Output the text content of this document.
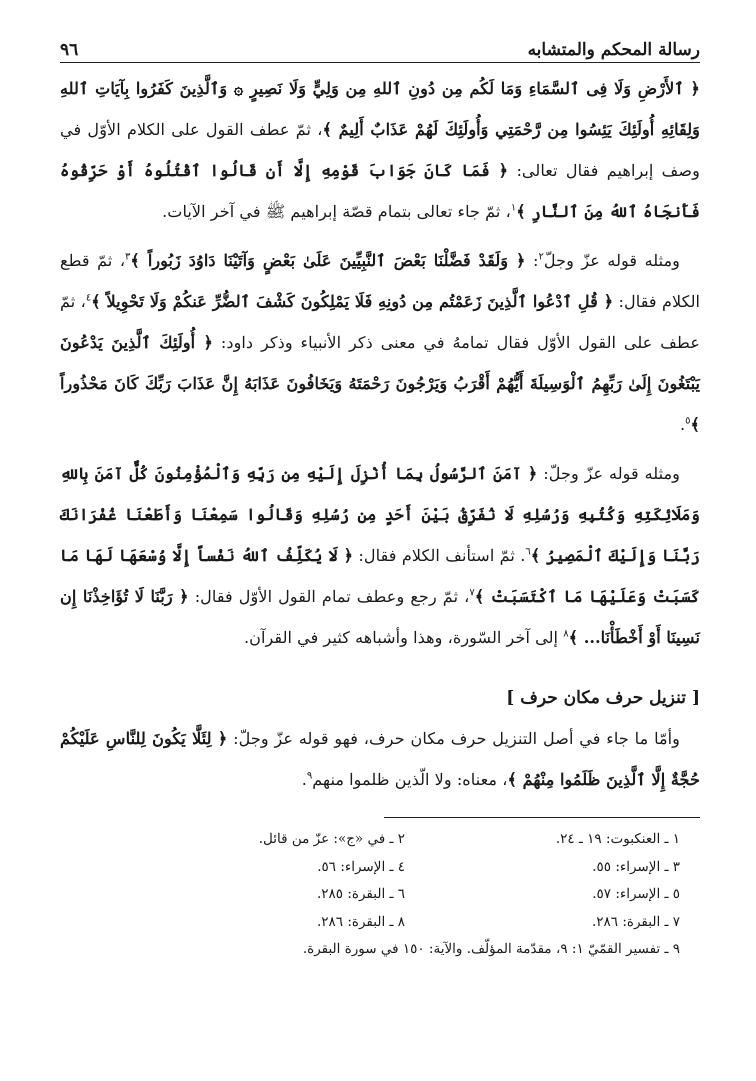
رسالة المحكم والمتشابه
٩٦

﴿ ٱلأَرْضِ وَلَا فِى ٱلسَّمَاءِ وَمَا لَكُم مِن دُونِ ٱللهِ مِن وَلِيٍّ وَلَا نَصِيرٍ ۞ وَٱلَّذِينَ كَفَرُوا بِآيَاتِ ٱللهِ وَلِقَائِهِ أُولَئِكَ يَئِسُوا مِن رَّحْمَتِي وَأُولَئِكَ لَهُمْ عَذَابٌ أَلِيمٌ ﴾، ثمّ عطف القول على الكلام الأوّل في وصف إبراهيم فقال تعالى: ﴿ فَمَا كَانَ جَوَابَ قَوْمِهِ إِلَّا أَن قَالُوا ٱقْتُلُوهُ أَوْ حَرِّقُوهُ فَأَنجَاهُ ٱللهُ مِنَ ٱلنَّارِ ﴾$^١$، ثمّ جاء تعالى بتمام قصّة إبراهيم ﷺ في آخر الآيات.

ومثله قوله عزّ وجلّ$^٢$: ﴿ وَلَقَدْ فَضَّلْنَا بَعْضَ ٱلنَّبِيِّينَ عَلَىٰ بَعْضٍ وَآتَيْنَا دَاوُدَ زَبُوراً ﴾$^٣$، ثمّ قطع الكلام فقال: ﴿ قُلِ ٱدْعُوا ٱلَّذِينَ زَعَمْتُم مِن دُونِهِ فَلَا يَمْلِكُونَ كَشْفَ ٱلضُّرِّ عَنكُمْ وَلَا تَحْوِيلاً ﴾$^٤$، ثمّ عطف على القول الأوّل فقال تمامهُ في معنى ذكر الأنبياء وذكر داود: ﴿ أُولَئِكَ ٱلَّذِينَ يَدْعُونَ يَبْتَغُونَ إِلَىٰ رَبِّهِمُ ٱلْوَسِيلَةَ أَيُّهُمْ أَقْرَبُ وَيَرْجُونَ رَحْمَتَهُ وَيَخَافُونَ عَذَابَهُ إِنَّ عَذَابَ رَبِّكَ كَانَ مَحْذُوراً ﴾$^٥$.

ومثله قوله عزّ وجلّ: ﴿ آمَنَ ٱلرَّسُولُ بِمَا أُنْزِلَ إِلَيْهِ مِن رَبِّهِ وَٱلْمُؤْمِنُونَ كُلٌّ آمَنَ بِاللهِ وَمَلَائِكَتِهِ وَكُتُبِهِ وَرُسُلِهِ لَا نُفَرِّقُ بَيْنَ أَحَدٍ مِن رُسُلِهِ وَقَالُوا سَمِعْنَا وَأَطَعْنَا غُفْرَانَكَ رَبَّنَا وَإِلَيْكَ ٱلْمَصِيرُ ﴾$^٦$. ثمّ استأنف الكلام فقال: ﴿ لَا يُكَلِّفُ ٱللهُ نَفْساً إِلَّا وُسْعَهَا لَهَا مَا كَسَبَتْ وَعَلَيْهَا مَا ٱكْتَسَبَتْ ﴾$^٧$، ثمّ رجع وعطف تمام القول الأوّل فقال: ﴿ رَبَّنَا لَا تُؤَاخِذْنَا إِن نَسِينَا أَوْ أَخْطَأْنَا... ﴾$^٨$ إلى آخر السّورة، وهذا وأشباهه كثير في القرآن.

[ تنزيل حرف مكان حرف ]

وأمّا ما جاء في أصل التنزيل حرف مكان حرف، فهو قوله عزّ وجلّ: ﴿ لِئَلَّا يَكُونَ لِلنَّاسِ عَلَيْكُمْ حُجَّةٌ إِلَّا ٱلَّذِينَ ظَلَمُوا مِنْهُمْ ﴾، معناه: ولا الّذين ظلموا منهم$^٩$.

١ ـ العنكبوت: ١٩ ـ ٢٤.
٢ ـ في «ج»: عزّ من قائل.
٣ ـ الإسراء: ٥٥.
٤ ـ الإسراء: ٥٦.
٥ ـ الإسراء: ٥٧.
٦ ـ البقرة: ٢٨٥.
٧ ـ البقرة: ٢٨٦.
٨ ـ البقرة: ٢٨٦.
٩ ـ تفسير القمّيّ ١: ٩، مقدّمة المؤلّف. والآية: ١٥٠ في سورة البقرة.
